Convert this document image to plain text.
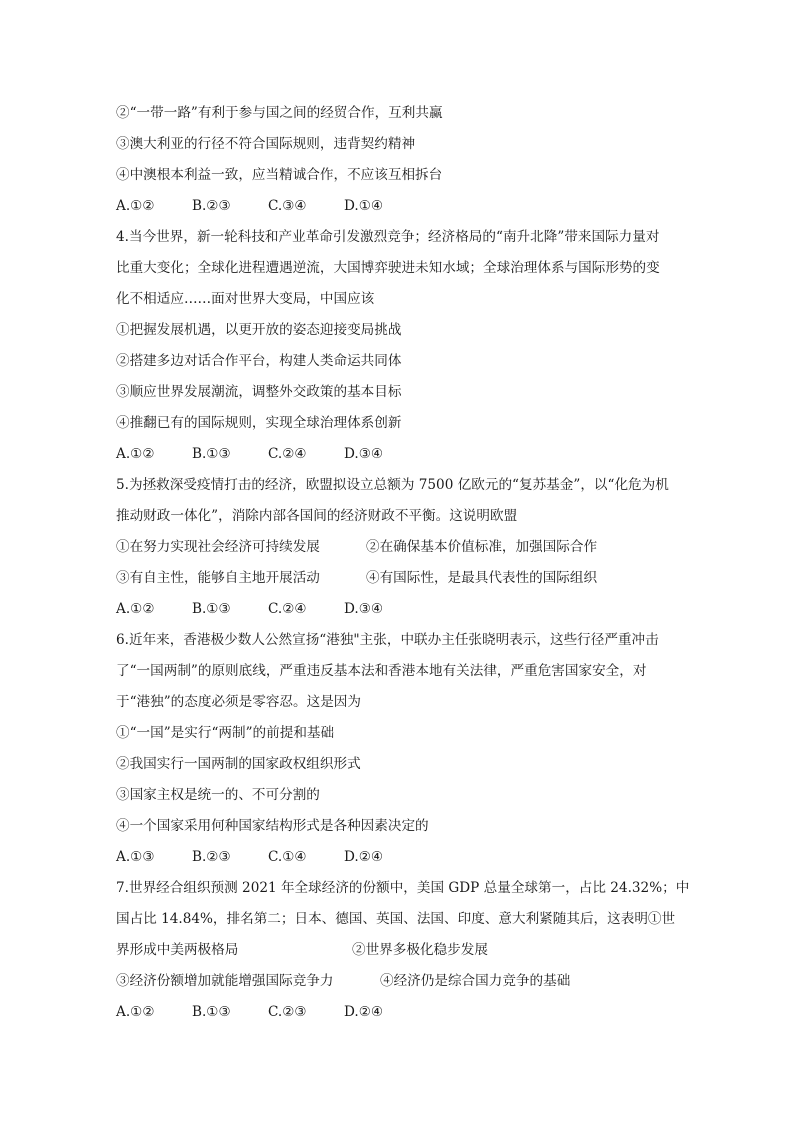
②“一带一路”有利于参与国之间的经贸合作，互利共赢
③澳大利亚的行径不符合国际规则，违背契约精神
④中澳根本利益一致，应当精诚合作，不应该互相拆台
A.①②	B.②③	C.③④	D.①④
4.当今世界，新一轮科技和产业革命引发激烈竞争；经济格局的“南升北降”带来国际力量对
比重大变化；全球化进程遭遇逆流，大国博弈驶进未知水域；全球治理体系与国际形势的变
化不相适应……面对世界大变局，中国应该
①把握发展机遇，以更开放的姿态迎接变局挑战
②搭建多边对话合作平台，构建人类命运共同体
③顺应世界发展潮流，调整外交政策的基本目标
④推翻已有的国际规则，实现全球治理体系创新
A.①②	B.①③	C.②④	D.③④
5.为拯救深受疫情打击的经济，欧盟拟设立总额为 7500 亿欧元的“复苏基金”，以“化危为机
推动财政一体化”，消除内部各国间的经济财政不平衡。这说明欧盟
①在努力实现社会经济可持续发展	②在确保基本价值标准，加强国际合作
③有自主性，能够自主地开展活动	④有国际性，是最具代表性的国际组织
A.①②	B.①③	C.②④	D.③④
6.近年来，香港极少数人公然宣扬“港独"主张，中联办主任张晓明表示，这些行径严重冲击
了“一国两制”的原则底线，严重违反基本法和香港本地有关法律，严重危害国家安全，对
于“港独”的态度必须是零容忍。这是因为
①“一国”是实行“两制”的前提和基础
②我国实行一国两制的国家政权组织形式
③国家主权是统一的、不可分割的
④一个国家采用何种国家结构形式是各种因素决定的
A.①③	B.②③	C.①④	D.②④
7.世界经合组织预测 2021 年全球经济的份额中，美国 GDP 总量全球第一，占比 24.32%；中
国占比 14.84%，排名第二；日本、德国、英国、法国、印度、意大利紧随其后，这表明①世
界形成中美两极格局	②世界多极化稳步发展
③经济份额增加就能增强国际竞争力	④经济仍是综合国力竞争的基础
A.①②	B.①③	C.②③	D.②④
